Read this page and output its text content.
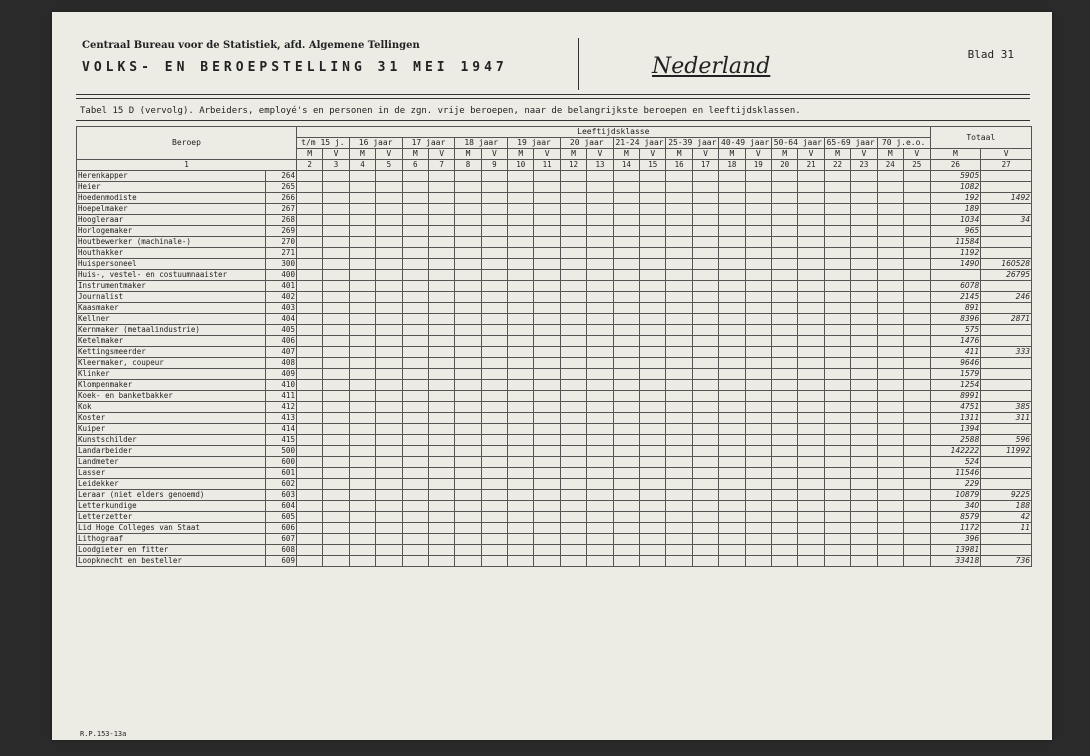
Centraal Bureau voor de Statistiek, afd. Algemene Tellingen
VOLKS- EN BEROEPSTELLING 31 MEI 1947	Nederland	Blad 31
Tabel 15 D (vervolg). Arbeiders, employé's en personen in de zgn. vrije beroepen, naar de belangrijkste beroepen en leeftijdsklassen.
Beroep		Leeftijdsklasse																								Totaal	
		t/m 15 j.		16 jaar		17 jaar		18 jaar		19 jaar		20 jaar		21-24 jaar		25-39 jaar		40-49 jaar		50-64 jaar		65-69 jaar		70 j.e.o.			
		M	V	M	V	M	V	M	V	M	V	M	V	M	V	M	V	M	V	M	V	M	V	M	V	M	V
1		2	3	4	5	6	7	8	9	10	11	12	13	14	15	16	17	18	19	20	21	22	23	24	25	26	27
Herenkapper	264																									5905	
Heier	265																									1082	
Hoedenmodiste	266																									192	1492
Hoepelmaker	267																									189	
Hoogleraar	268																									1034	34
Horlogemaker	269																									965	
Houtbewerker (machinale-)	270																									11584	
Houthakker	271																									1192	
Huispersoneel	300																									1490	160528
Huis-, vestel- en costuumnaaister	400																										26795
Instrumentmaker	401																									6078	
Journalist	402																									2145	246
Kaasmaker	403																									891	
Kellner	404																									8396	2871
Kernmaker (metaalindustrie)	405																									575	
Ketelmaker	406																									1476	
Kettingsmeerder	407																									411	333
Kleermaker, coupeur	408																									9646	
Klinker	409																									1579	
Klompenmaker	410																									1254	
Koek- en banketbakker	411																									8991	
Kok	412																									4751	385
Koster	413																									1311	311
Kuiper	414																									1394	
Kunstschilder	415																									2588	596
Landarbeider	500																									142222	11992
Landmeter	600																									524	
Lasser	601																									11546	
Leidekker	602																									229	
Leraar (niet elders genoemd)	603																									10879	9225
Letterkundige	604																									340	188
Letterzetter	605																									8579	42
Lid Hoge Colleges van Staat	606																									1172	11
Lithograaf	607																									396	
Loodgieter en fitter	608																									13981	
Loopknecht en besteller	609																									33418	736
R.P.153-13a
